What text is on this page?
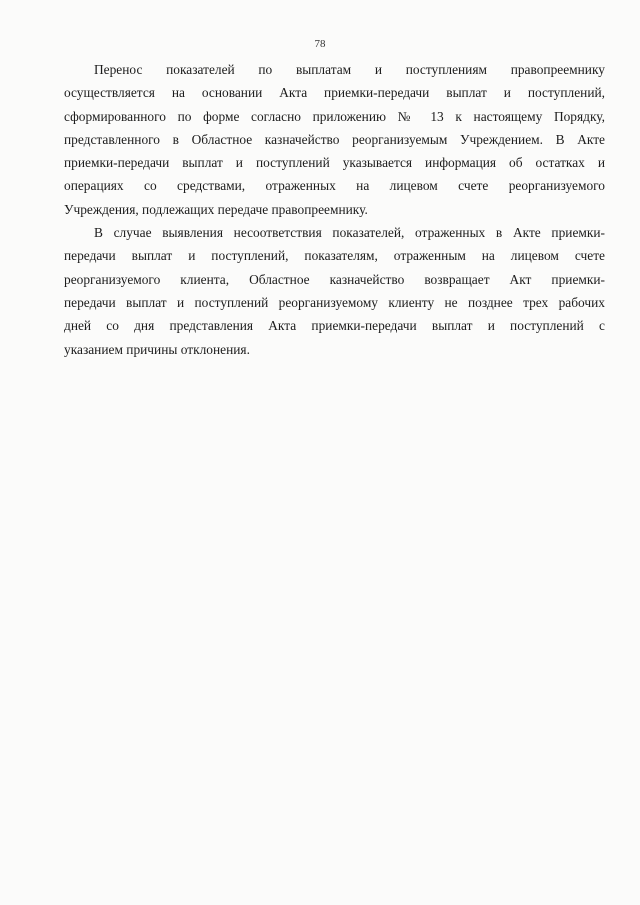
78
Перенос показателей по выплатам и поступлениям правопреемнику
осуществляется на основании Акта приемки-передачи выплат и поступлений,
сформированного по форме согласно приложению № 13 к настоящему Порядку,
представленного в Областное казначейство реорганизуемым Учреждением. В Акте
приемки-передачи выплат и поступлений указывается информация об остатках и
операциях со средствами, отраженных на лицевом счете реорганизуемого
Учреждения, подлежащих передаче правопреемнику.
В случае выявления несоответствия показателей, отраженных в Акте приемки-
передачи выплат и поступлений, показателям, отраженным на лицевом счете
реорганизуемого клиента, Областное казначейство возвращает Акт приемки-
передачи выплат и поступлений реорганизуемому клиенту не позднее трех рабочих
дней со дня представления Акта приемки-передачи выплат и поступлений с
указанием причины отклонения.
